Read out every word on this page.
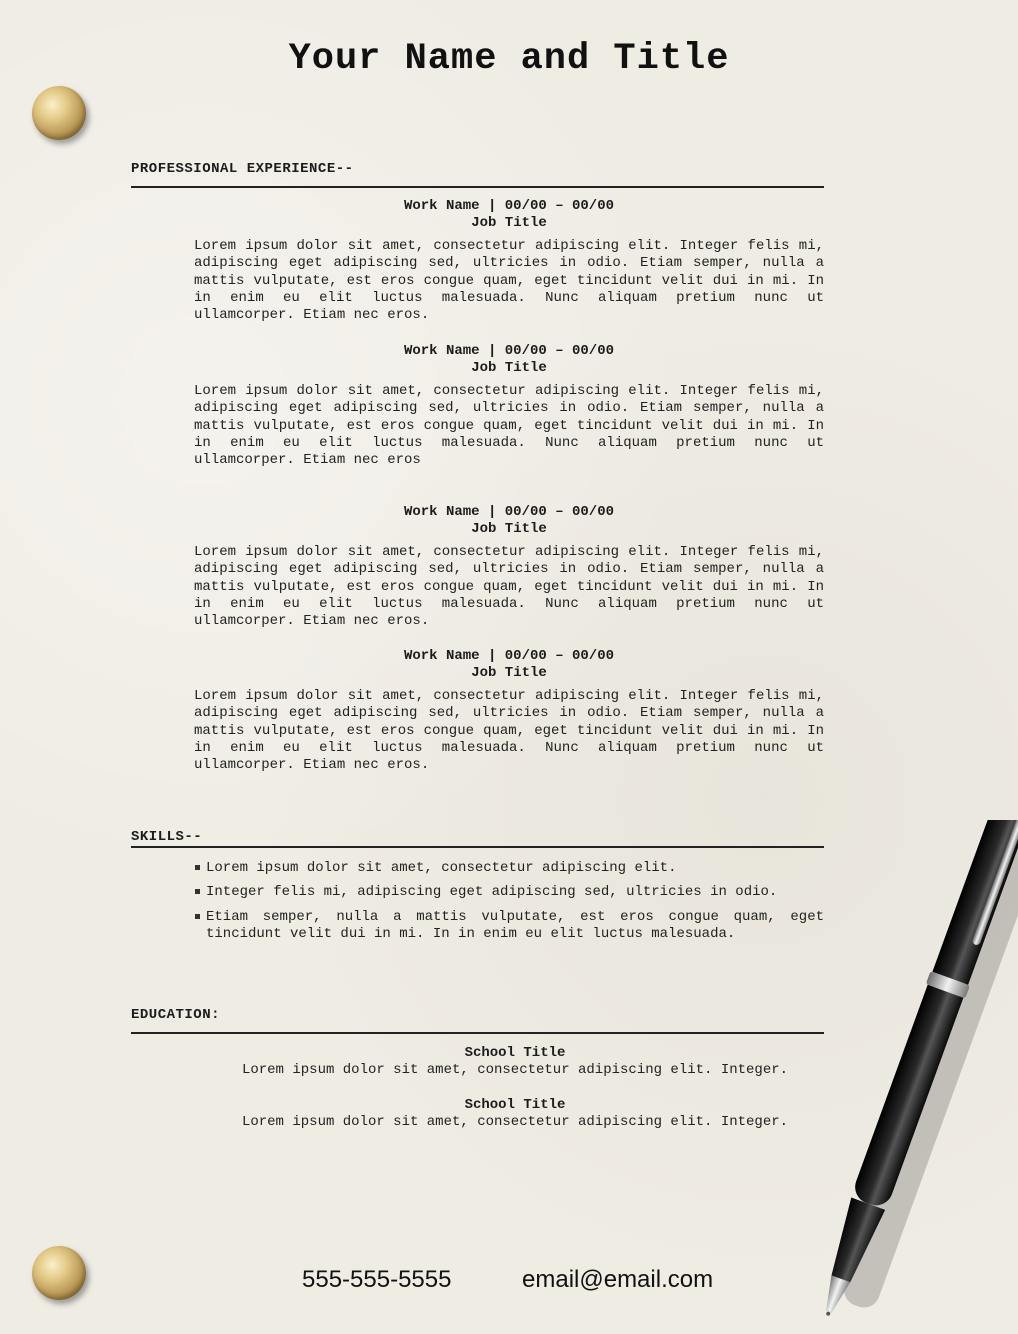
Your Name and Title
PROFESSIONAL EXPERIENCE--
Work Name | 00/00 – 00/00
Job Title
Lorem ipsum dolor sit amet, consectetur adipiscing elit. Integer felis mi, adipiscing eget adipiscing sed, ultricies in odio. Etiam semper, nulla a mattis vulputate, est eros congue quam, eget tincidunt velit dui in mi. In in enim eu elit luctus malesuada. Nunc aliquam pretium nunc ut ullamcorper. Etiam nec eros.
Work Name | 00/00 – 00/00
Job Title
Lorem ipsum dolor sit amet, consectetur adipiscing elit. Integer felis mi, adipiscing eget adipiscing sed, ultricies in odio. Etiam semper, nulla a mattis vulputate, est eros congue quam, eget tincidunt velit dui in mi. In in enim eu elit luctus malesuada. Nunc aliquam pretium nunc ut ullamcorper. Etiam nec eros
Work Name | 00/00 – 00/00
Job Title
Lorem ipsum dolor sit amet, consectetur adipiscing elit. Integer felis mi, adipiscing eget adipiscing sed, ultricies in odio. Etiam semper, nulla a mattis vulputate, est eros congue quam, eget tincidunt velit dui in mi. In in enim eu elit luctus malesuada. Nunc aliquam pretium nunc ut ullamcorper. Etiam nec eros.
Work Name | 00/00 – 00/00
Job Title
Lorem ipsum dolor sit amet, consectetur adipiscing elit. Integer felis mi, adipiscing eget adipiscing sed, ultricies in odio. Etiam semper, nulla a mattis vulputate, est eros congue quam, eget tincidunt velit dui in mi. In in enim eu elit luctus malesuada. Nunc aliquam pretium nunc ut ullamcorper. Etiam nec eros.
SKILLS--
Lorem ipsum dolor sit amet, consectetur adipiscing elit.
Integer felis mi, adipiscing eget adipiscing sed, ultricies in odio.
Etiam semper, nulla a mattis vulputate, est eros congue quam, eget tincidunt velit dui in mi. In in enim eu elit luctus malesuada.
EDUCATION:
School Title
Lorem ipsum dolor sit amet, consectetur adipiscing elit. Integer.
School Title
Lorem ipsum dolor sit amet, consectetur adipiscing elit. Integer.
555-555-5555	email@email.com
